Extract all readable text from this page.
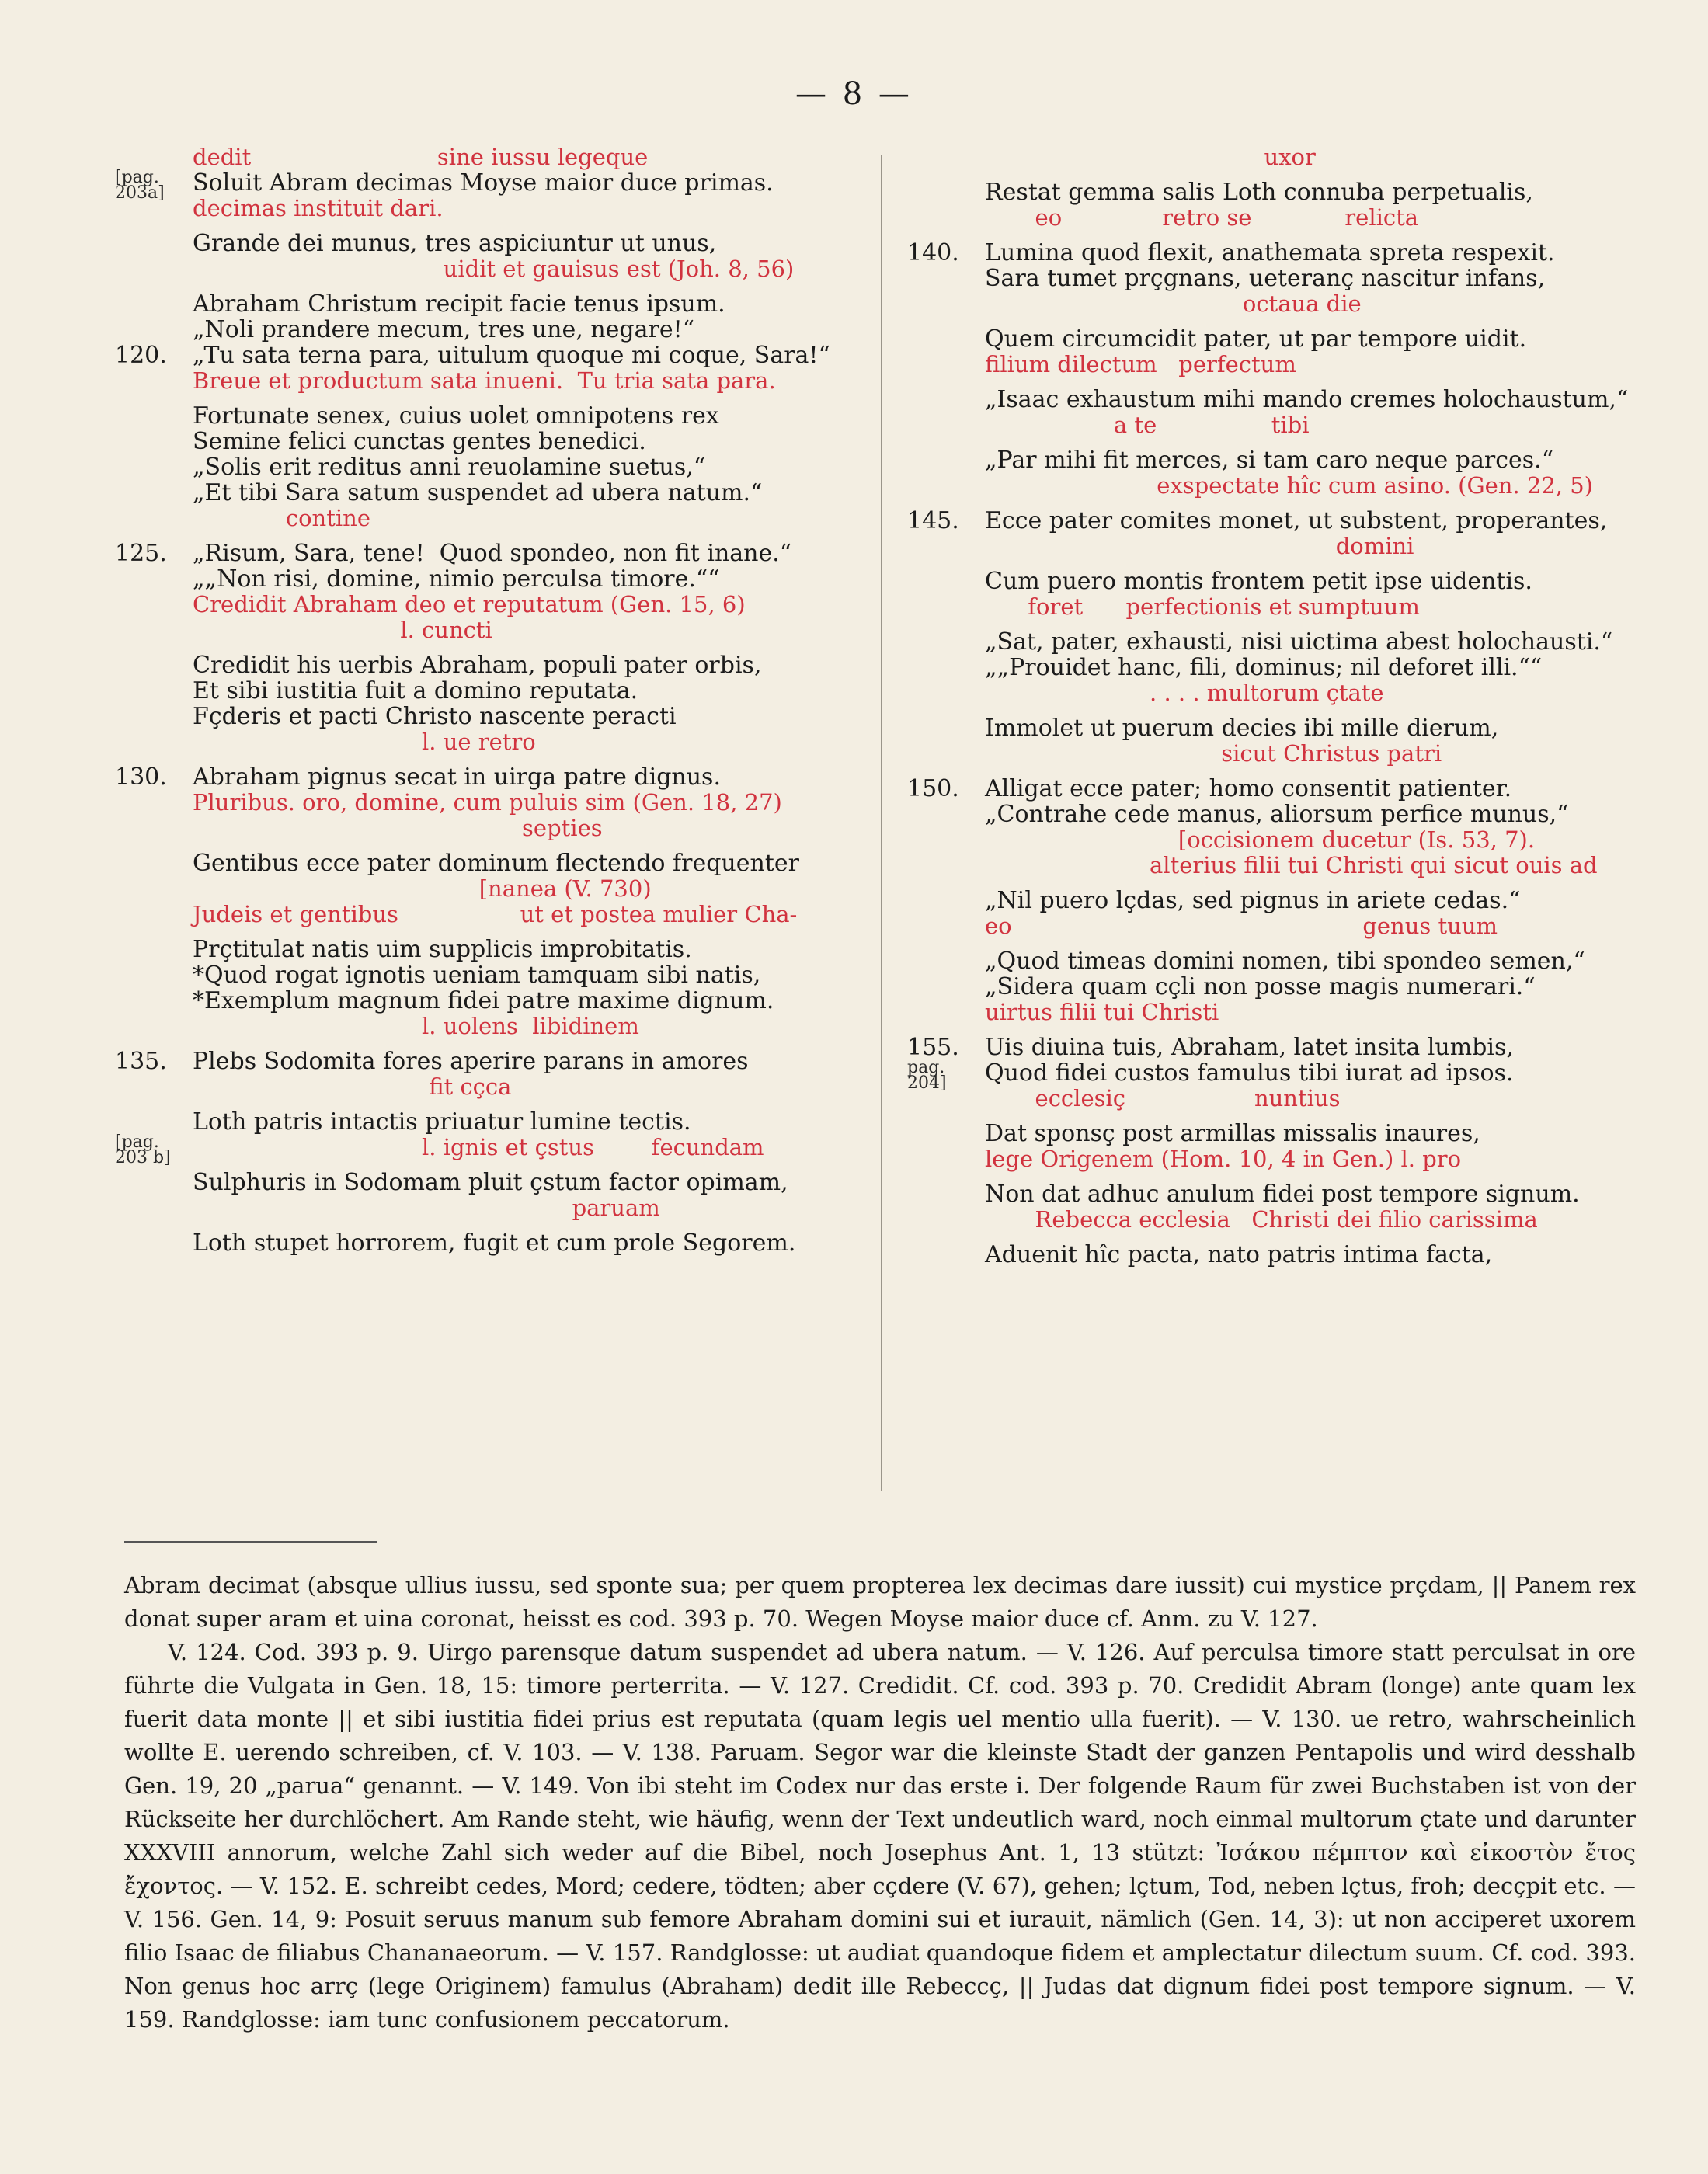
— 8 —
dedit                          sine iussu legeque
Soluit Abram decimas Moyse maior duce primas.
[pag.
203a]
decimas instituit dari.
Grande dei munus, tres aspiciuntur ut unus,
uidit et gauisus est (Joh. 8, 56)
Abraham Christum recipit facie tenus ipsum.
„Noli prandere mecum, tres une, negare!“
„Tu sata terna para, uitulum quoque mi coque, Sara!“
120.
Breue et productum sata inueni.  Tu tria sata para.
Fortunate senex, cuius uolet omnipotens rex
Semine felici cunctas gentes benedici.
„Solis erit reditus anni reuolamine suetus,“
„Et tibi Sara satum suspendet ad ubera natum.“
contine
„Risum, Sara, tene!  Quod spondeo, non fit inane.“
125.
„„Non risi, domine, nimio perculsa timore.““
Credidit Abraham deo et reputatum (Gen. 15, 6)
l. cuncti
Credidit his uerbis Abraham, populi pater orbis,
Et sibi iustitia fuit a domino reputata.
Fçderis et pacti Christo nascente peracti
l. ue retro
Abraham pignus secat in uirga patre dignus.
130.
Pluribus. oro, domine, cum puluis sim (Gen. 18, 27)
septies
Gentibus ecce pater dominum flectendo frequenter
[nanea (V. 730)
Judeis et gentibus                 ut et postea mulier Cha-
Prçtitulat natis uim supplicis improbitatis.
*Quod rogat ignotis ueniam tamquam sibi natis,
*Exemplum magnum fidei patre maxime dignum.
l. uolens  libidinem
Plebs Sodomita fores aperire parans in amores
135.
fit cçca
Loth patris intactis priuatur lumine tectis.
l. ignis et çstus        fecundam
[pag.
203 b]
Sulphuris in Sodomam pluit çstum factor opimam,
paruam
Loth stupet horrorem, fugit et cum prole Segorem.
uxor
Restat gemma salis Loth connuba perpetualis,
eo              retro se             relicta
Lumina quod flexit, anathemata spreta respexit.
140.
Sara tumet prçgnans, ueteranç nascitur infans,
octaua die
Quem circumcidit pater, ut par tempore uidit.
filium dilectum   perfectum
„Isaac exhaustum mihi mando cremes holochaustum,“
a te                tibi
„Par mihi fit merces, si tam caro neque parces.“
exspectate hîc cum asino. (Gen. 22, 5)
Ecce pater comites monet, ut substent, properantes,
145.
domini
Cum puero montis frontem petit ipse uidentis.
foret      perfectionis et sumptuum
„Sat, pater, exhausti, nisi uictima abest holochausti.“
„„Prouidet hanc, fili, dominus; nil deforet illi.““
. . . . multorum çtate
Immolet ut puerum decies ibi mille dierum,
sicut Christus patri
Alligat ecce pater; homo consentit patienter.
150.
„Contrahe cede manus, aliorsum perfice munus,“
[occisionem ducetur (Is. 53, 7).
alterius filii tui Christi qui sicut ouis ad
„Nil puero lçdas, sed pignus in ariete cedas.“
eo                                                 genus tuum
„Quod timeas domini nomen, tibi spondeo semen,“
„Sidera quam cçli non posse magis numerari.“
uirtus filii tui Christi
Uis diuina tuis, Abraham, latet insita lumbis,
155.
Quod fidei custos famulus tibi iurat ad ipsos.
pag.
204]
ecclesiç                  nuntius
Dat sponsç post armillas missalis inaures,
lege Origenem (Hom. 10, 4 in Gen.) l. pro
Non dat adhuc anulum fidei post tempore signum.
Rebecca ecclesia   Christi dei filio carissima
Aduenit hîc pacta, nato patris intima facta,

Abram decimat (absque ullius iussu, sed sponte sua; per quem propterea lex decimas dare iussit) cui mystice prçdam, || Panem rex donat super aram et uina coronat, heisst es cod. 393 p. 70. Wegen Moyse maior duce cf. Anm. zu V. 127.

V. 124. Cod. 393 p. 9. Uirgo parensque datum suspendet ad ubera natum. — V. 126. Auf perculsa timore statt perculsat in ore führte die Vulgata in Gen. 18, 15: timore perterrita. — V. 127. Credidit. Cf. cod. 393 p. 70. Credidit Abram (longe) ante quam lex fuerit data monte || et sibi iustitia fidei prius est reputata (quam legis uel mentio ulla fuerit). — V. 130. ue retro, wahrscheinlich wollte E. uerendo schreiben, cf. V. 103. — V. 138. Paruam. Segor war die kleinste Stadt der ganzen Pentapolis und wird desshalb Gen. 19, 20 „parua“ genannt. — V. 149. Von ibi steht im Codex nur das erste i. Der folgende Raum für zwei Buchstaben ist von der Rückseite her durchlöchert. Am Rande steht, wie häufig, wenn der Text undeutlich ward, noch einmal multorum çtate und darunter XXXVIII annorum, welche Zahl sich weder auf die Bibel, noch Josephus Ant. 1, 13 stützt: Ἰσάκου πέμπτον καὶ εἰκοστὸν ἔτος ἔχοντος. — V. 152. E. schreibt cedes, Mord; cedere, tödten; aber cçdere (V. 67), gehen; lçtum, Tod, neben lçtus, froh; decçpit etc. — V. 156. Gen. 14, 9: Posuit seruus manum sub femore Abraham domini sui et iurauit, nämlich (Gen. 14, 3): ut non acciperet uxorem filio Isaac de filiabus Chananaeorum. — V. 157. Randglosse: ut audiat quandoque fidem et amplectatur dilectum suum. Cf. cod. 393. Non genus hoc arrç (lege Originem) famulus (Abraham) dedit ille Rebeccç, || Judas dat dignum fidei post tempore signum. — V. 159. Randglosse: iam tunc confusionem peccatorum.
